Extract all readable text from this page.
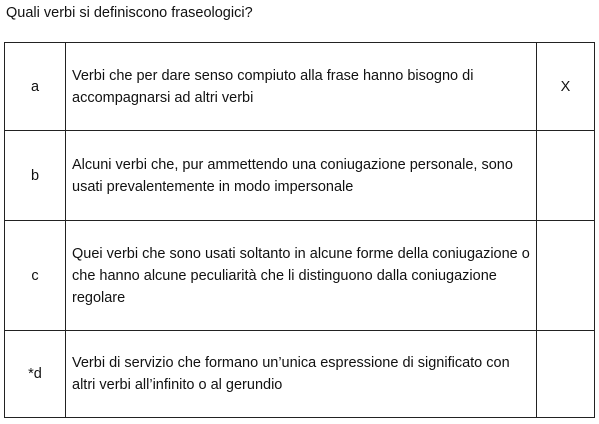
Quali verbi si definiscono fraseologici?
a	Verbi che per dare senso compiuto alla frase hanno bisogno di accompagnarsi ad altri verbi	X
b	Alcuni verbi che, pur ammettendo una coniugazione personale, sono usati prevalentemente in modo impersonale	
c	Quei verbi che sono usati soltanto in alcune forme della coniugazione o che hanno alcune peculiarità che li distinguono dalla coniugazione regolare	
*d	Verbi di servizio che formano un’unica espressione di significato con altri verbi all’infinito o al gerundio	
